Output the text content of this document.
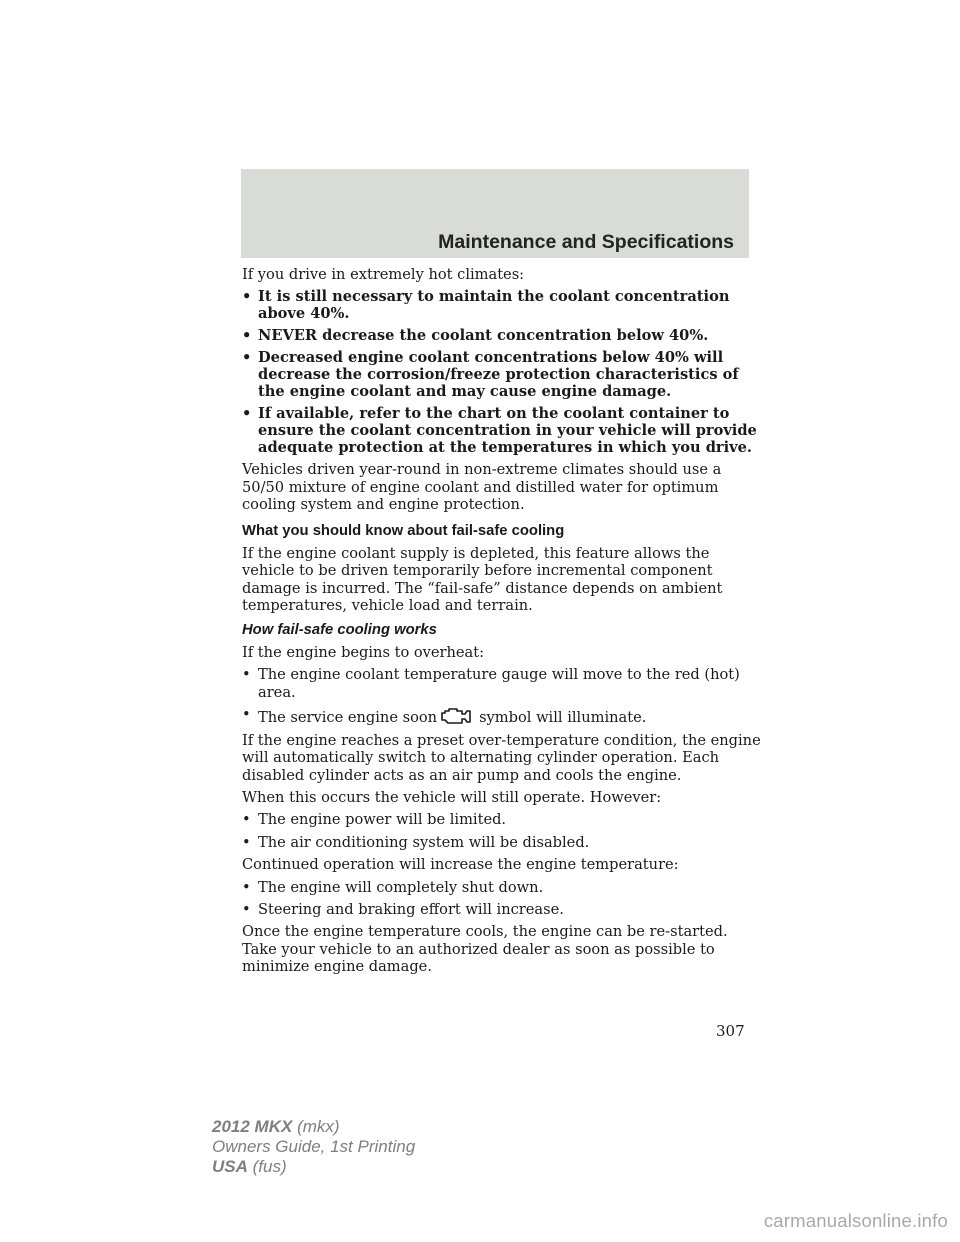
Maintenance and Specifications

If you drive in extremely hot climates:

• It is still necessary to maintain the coolant concentration above 40%.
• NEVER decrease the coolant concentration below 40%.
• Decreased engine coolant concentrations below 40% will decrease the corrosion/freeze protection characteristics of the engine coolant and may cause engine damage.
• If available, refer to the chart on the coolant container to ensure the coolant concentration in your vehicle will provide adequate protection at the temperatures in which you drive.

Vehicles driven year-round in non-extreme climates should use a 50/50 mixture of engine coolant and distilled water for optimum cooling system and engine protection.

What you should know about fail-safe cooling

If the engine coolant supply is depleted, this feature allows the vehicle to be driven temporarily before incremental component damage is incurred. The “fail-safe” distance depends on ambient temperatures, vehicle load and terrain.

How fail-safe cooling works

If the engine begins to overheat:

• The engine coolant temperature gauge will move to the red (hot) area.
• The service engine soon	symbol will illuminate.

If the engine reaches a preset over-temperature condition, the engine will automatically switch to alternating cylinder operation. Each disabled cylinder acts as an air pump and cools the engine.

When this occurs the vehicle will still operate. However:

• The engine power will be limited.
• The air conditioning system will be disabled.

Continued operation will increase the engine temperature:

• The engine will completely shut down.
• Steering and braking effort will increase.

Once the engine temperature cools, the engine can be re-started. Take your vehicle to an authorized dealer as soon as possible to minimize engine damage.

307
2012 MKX (mkx)
Owners Guide, 1st Printing
USA (fus)
carmanualsonline.info
